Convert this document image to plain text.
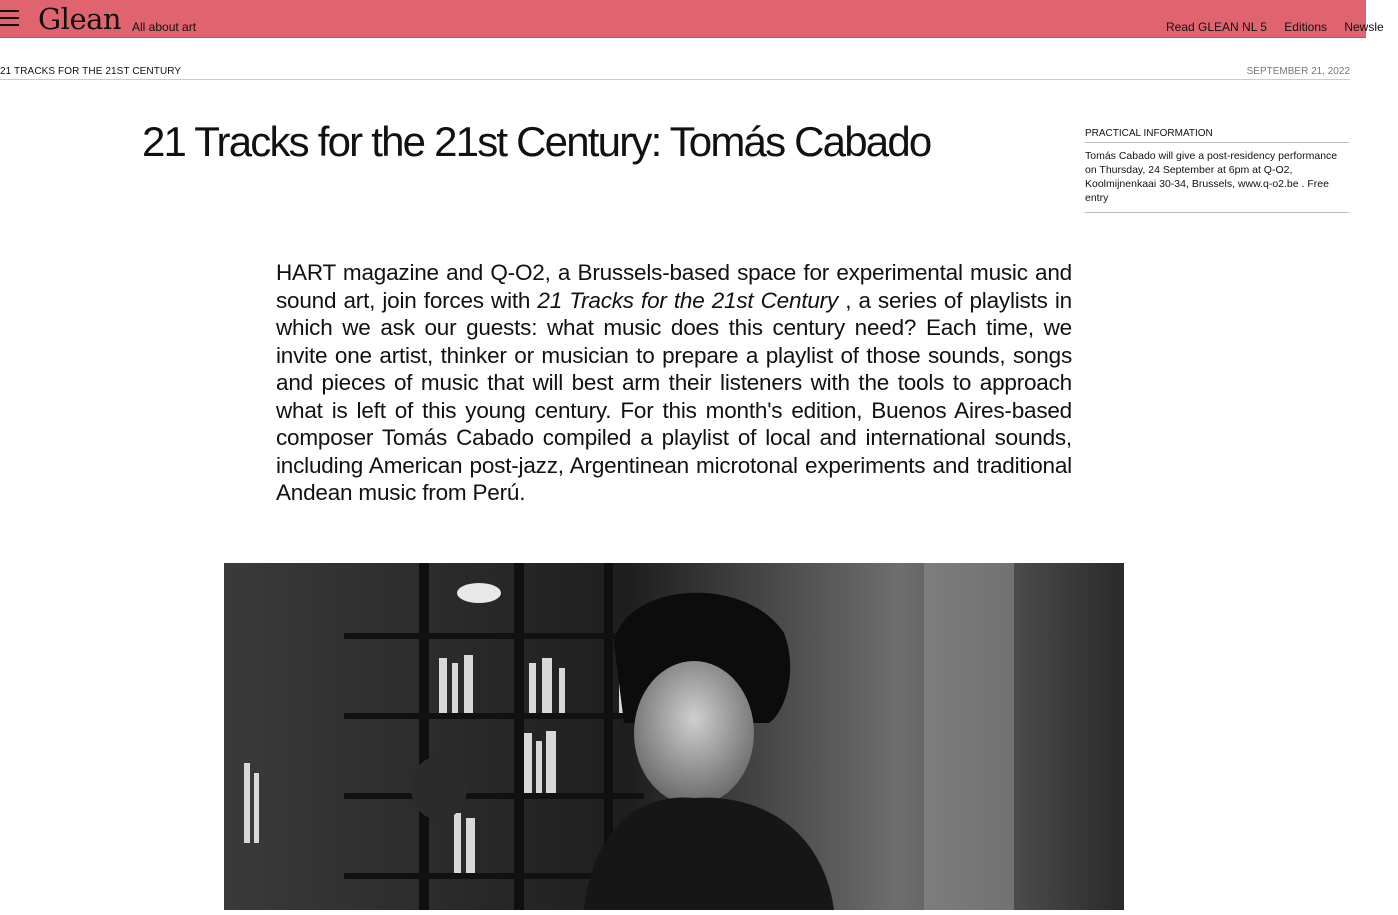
Glean All about art	Read GLEAN NL 5 Editions Newsle
21 TRACKS FOR THE 21ST CENTURY	SEPTEMBER 21, 2022
21 Tracks for the 21st Century: Tomás Cabado	PRACTICAL INFORMATION
Tomás Cabado will give a post-residency performance on Thursday, 24 September at 6pm at Q-O2, Koolmijnenkaai 30-34, Brussels, www.q-o2.be . Free entry

HART magazine and Q-O2, a Brussels-based space for experimental music and sound art, join forces with 21 Tracks for the 21st Century , a series of playlists in which we ask our guests: what music does this century need? Each time, we invite one artist, thinker or musician to prepare a playlist of those sounds, songs and pieces of music that will best arm their listeners with the tools to approach what is left of this young century. For this month's edition, Buenos Aires-based composer Tomás Cabado compiled a playlist of local and international sounds, including American post-jazz, Argentinean microtonal experiments and traditional Andean music from Perú.
